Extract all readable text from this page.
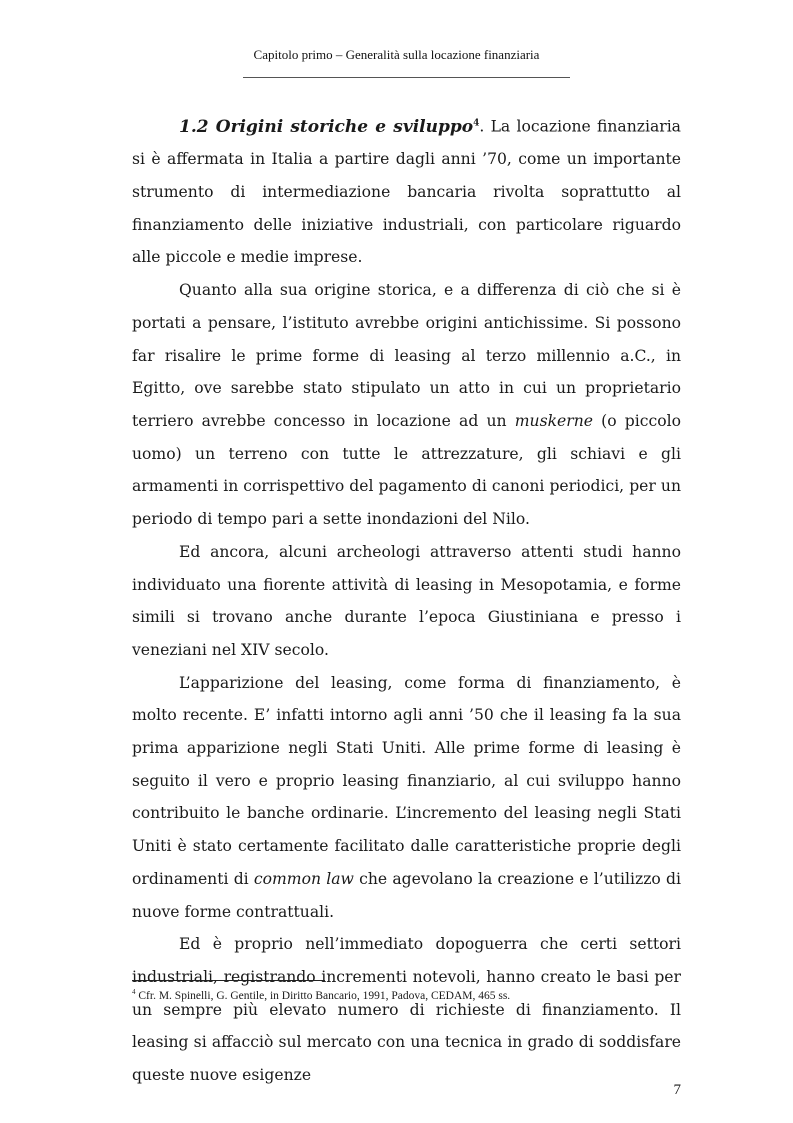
Capitolo primo – Generalità sulla locazione finanziaria

1.2 Origini storiche e sviluppo$^4$. La locazione finanziaria si è affermata in Italia a partire dagli anni ’70, come un importante strumento di intermediazione bancaria rivolta soprattutto al finanziamento delle iniziative industriali, con particolare riguardo alle piccole e medie imprese.

Quanto alla sua origine storica, e a differenza di ciò che si è portati a pensare, l’istituto avrebbe origini antichissime. Si possono far risalire le prime forme di leasing al terzo millennio a.C., in Egitto, ove sarebbe stato stipulato un atto in cui un proprietario terriero avrebbe concesso in locazione ad un muskerne (o piccolo uomo) un terreno con tutte le attrezzature, gli schiavi e gli armamenti in corrispettivo del pagamento di canoni periodici, per un periodo di tempo pari a sette inondazioni del Nilo.

Ed ancora, alcuni archeologi attraverso attenti studi hanno individuato una fiorente attività di leasing in Mesopotamia, e forme simili si trovano anche durante l’epoca Giustiniana e presso i veneziani nel XIV secolo.

L’apparizione del leasing, come forma di finanziamento, è molto recente. E’ infatti intorno agli anni ’50 che il leasing fa la sua prima apparizione negli Stati Uniti. Alle prime forme di leasing è seguito il vero e proprio leasing finanziario, al cui sviluppo hanno contribuito le banche ordinarie. L’incremento del leasing negli Stati Uniti è stato certamente facilitato dalle caratteristiche proprie degli ordinamenti di common law che agevolano la creazione e l’utilizzo di nuove forme contrattuali.

Ed è proprio nell’immediato dopoguerra che certi settori industriali, registrando incrementi notevoli, hanno creato le basi per un sempre più elevato numero di richieste di finanziamento. Il leasing si affacciò sul mercato con una tecnica in grado di soddisfare queste nuove esigenze

$^4$ Cfr. M. Spinelli, G. Gentile, in Diritto Bancario, 1991, Padova, CEDAM, 465 ss.
7
